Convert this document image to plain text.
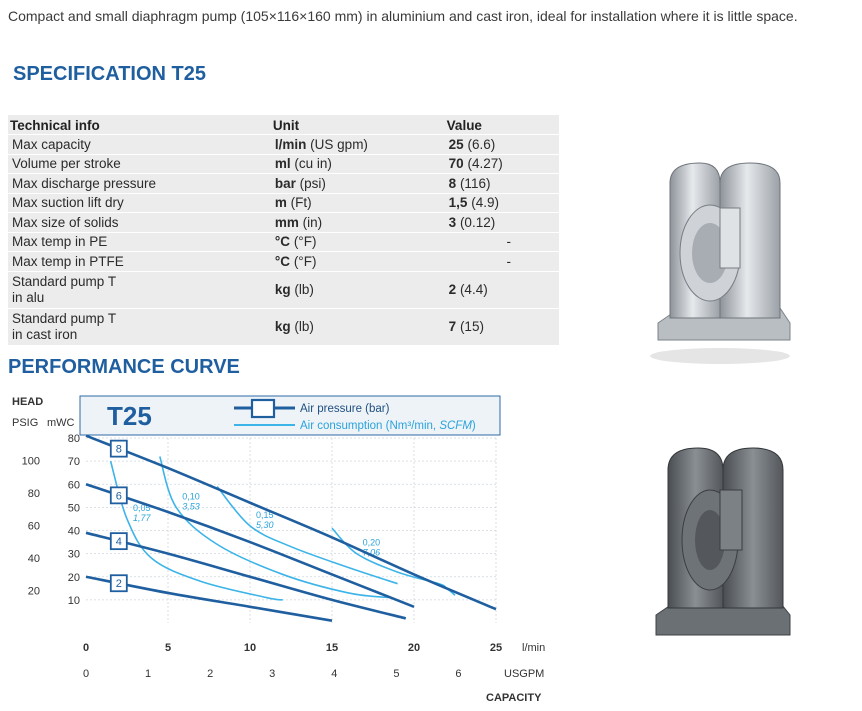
Compact and small diaphragm pump (105×116×160 mm) in aluminium and cast iron, ideal for installation where it is little space.
SPECIFICATION T25
Technical info	Unit	Value
Max capacity	l/min (US gpm)	25 (6.6)
Volume per stroke	ml (cu in)	70 (4.27)
Max discharge pressure	bar (psi)	8 (116)
Max suction lift dry	m (Ft)	1,5 (4.9)
Max size of solids	mm (in)	3 (0.12)
Max temp in PE	°C (°F)	-
Max temp in PTFE	°C (°F)	-
Standard pump T
in alu	kg (lb)	2 (4.4)
Standard pump T
in cast iron	kg (lb)	7 (15)
PERFORMANCE CURVE
T25	Air pressure (bar)
Air consumption (Nm³/min, SCFM)
HEAD
PSIG mWC
10
20
30
40
50
60
70
80
20
40
60
80
100
0	5	10	15	20	25
0	1	2	3	4	5	6
0,05
1,77
0,10
3,53
0,15
5,30
0,20
7,06
8
6
4
2
l/min
USGPM
CAPACITY
